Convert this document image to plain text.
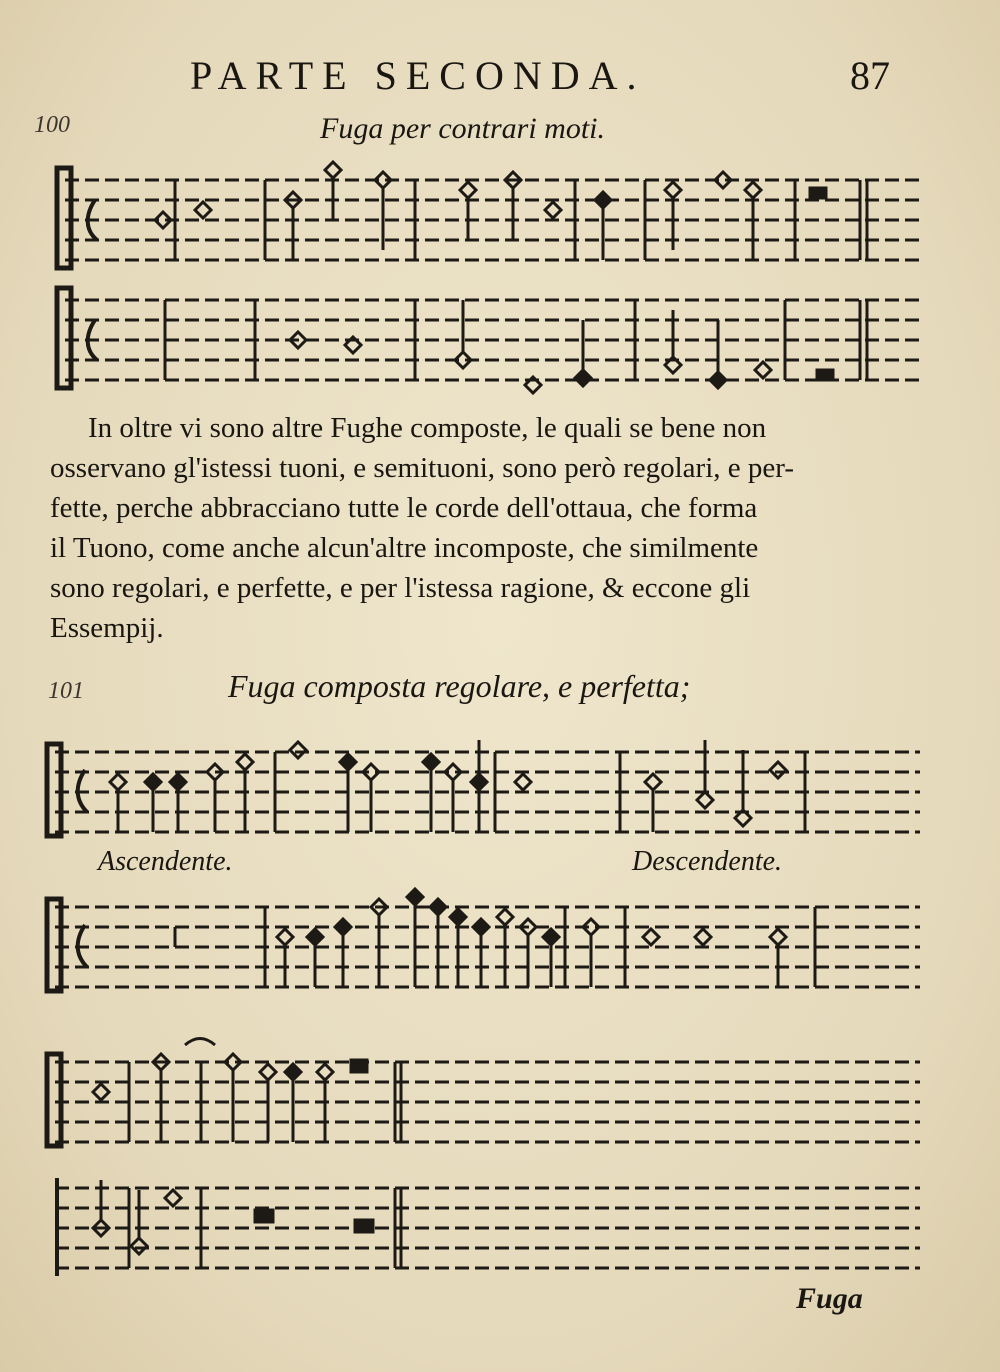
PARTE SECONDA.	87
100	Fuga per contrari moti.
In oltre vi sono altre Fughe composte, le quali se bene non
osservano gl'istessi tuoni, e semituoni, sono però regolari, e per-
fette, perche abbracciano tutte le corde dell'ottaua, che forma
il Tuono, come anche alcun'altre incomposte, che similmente
sono regolari, e perfette, e per l'istessa ragione, & eccone gli
Essempij.
101	Fuga composta regolare, e perfetta;
Ascendente.	Descendente.
Fuga
